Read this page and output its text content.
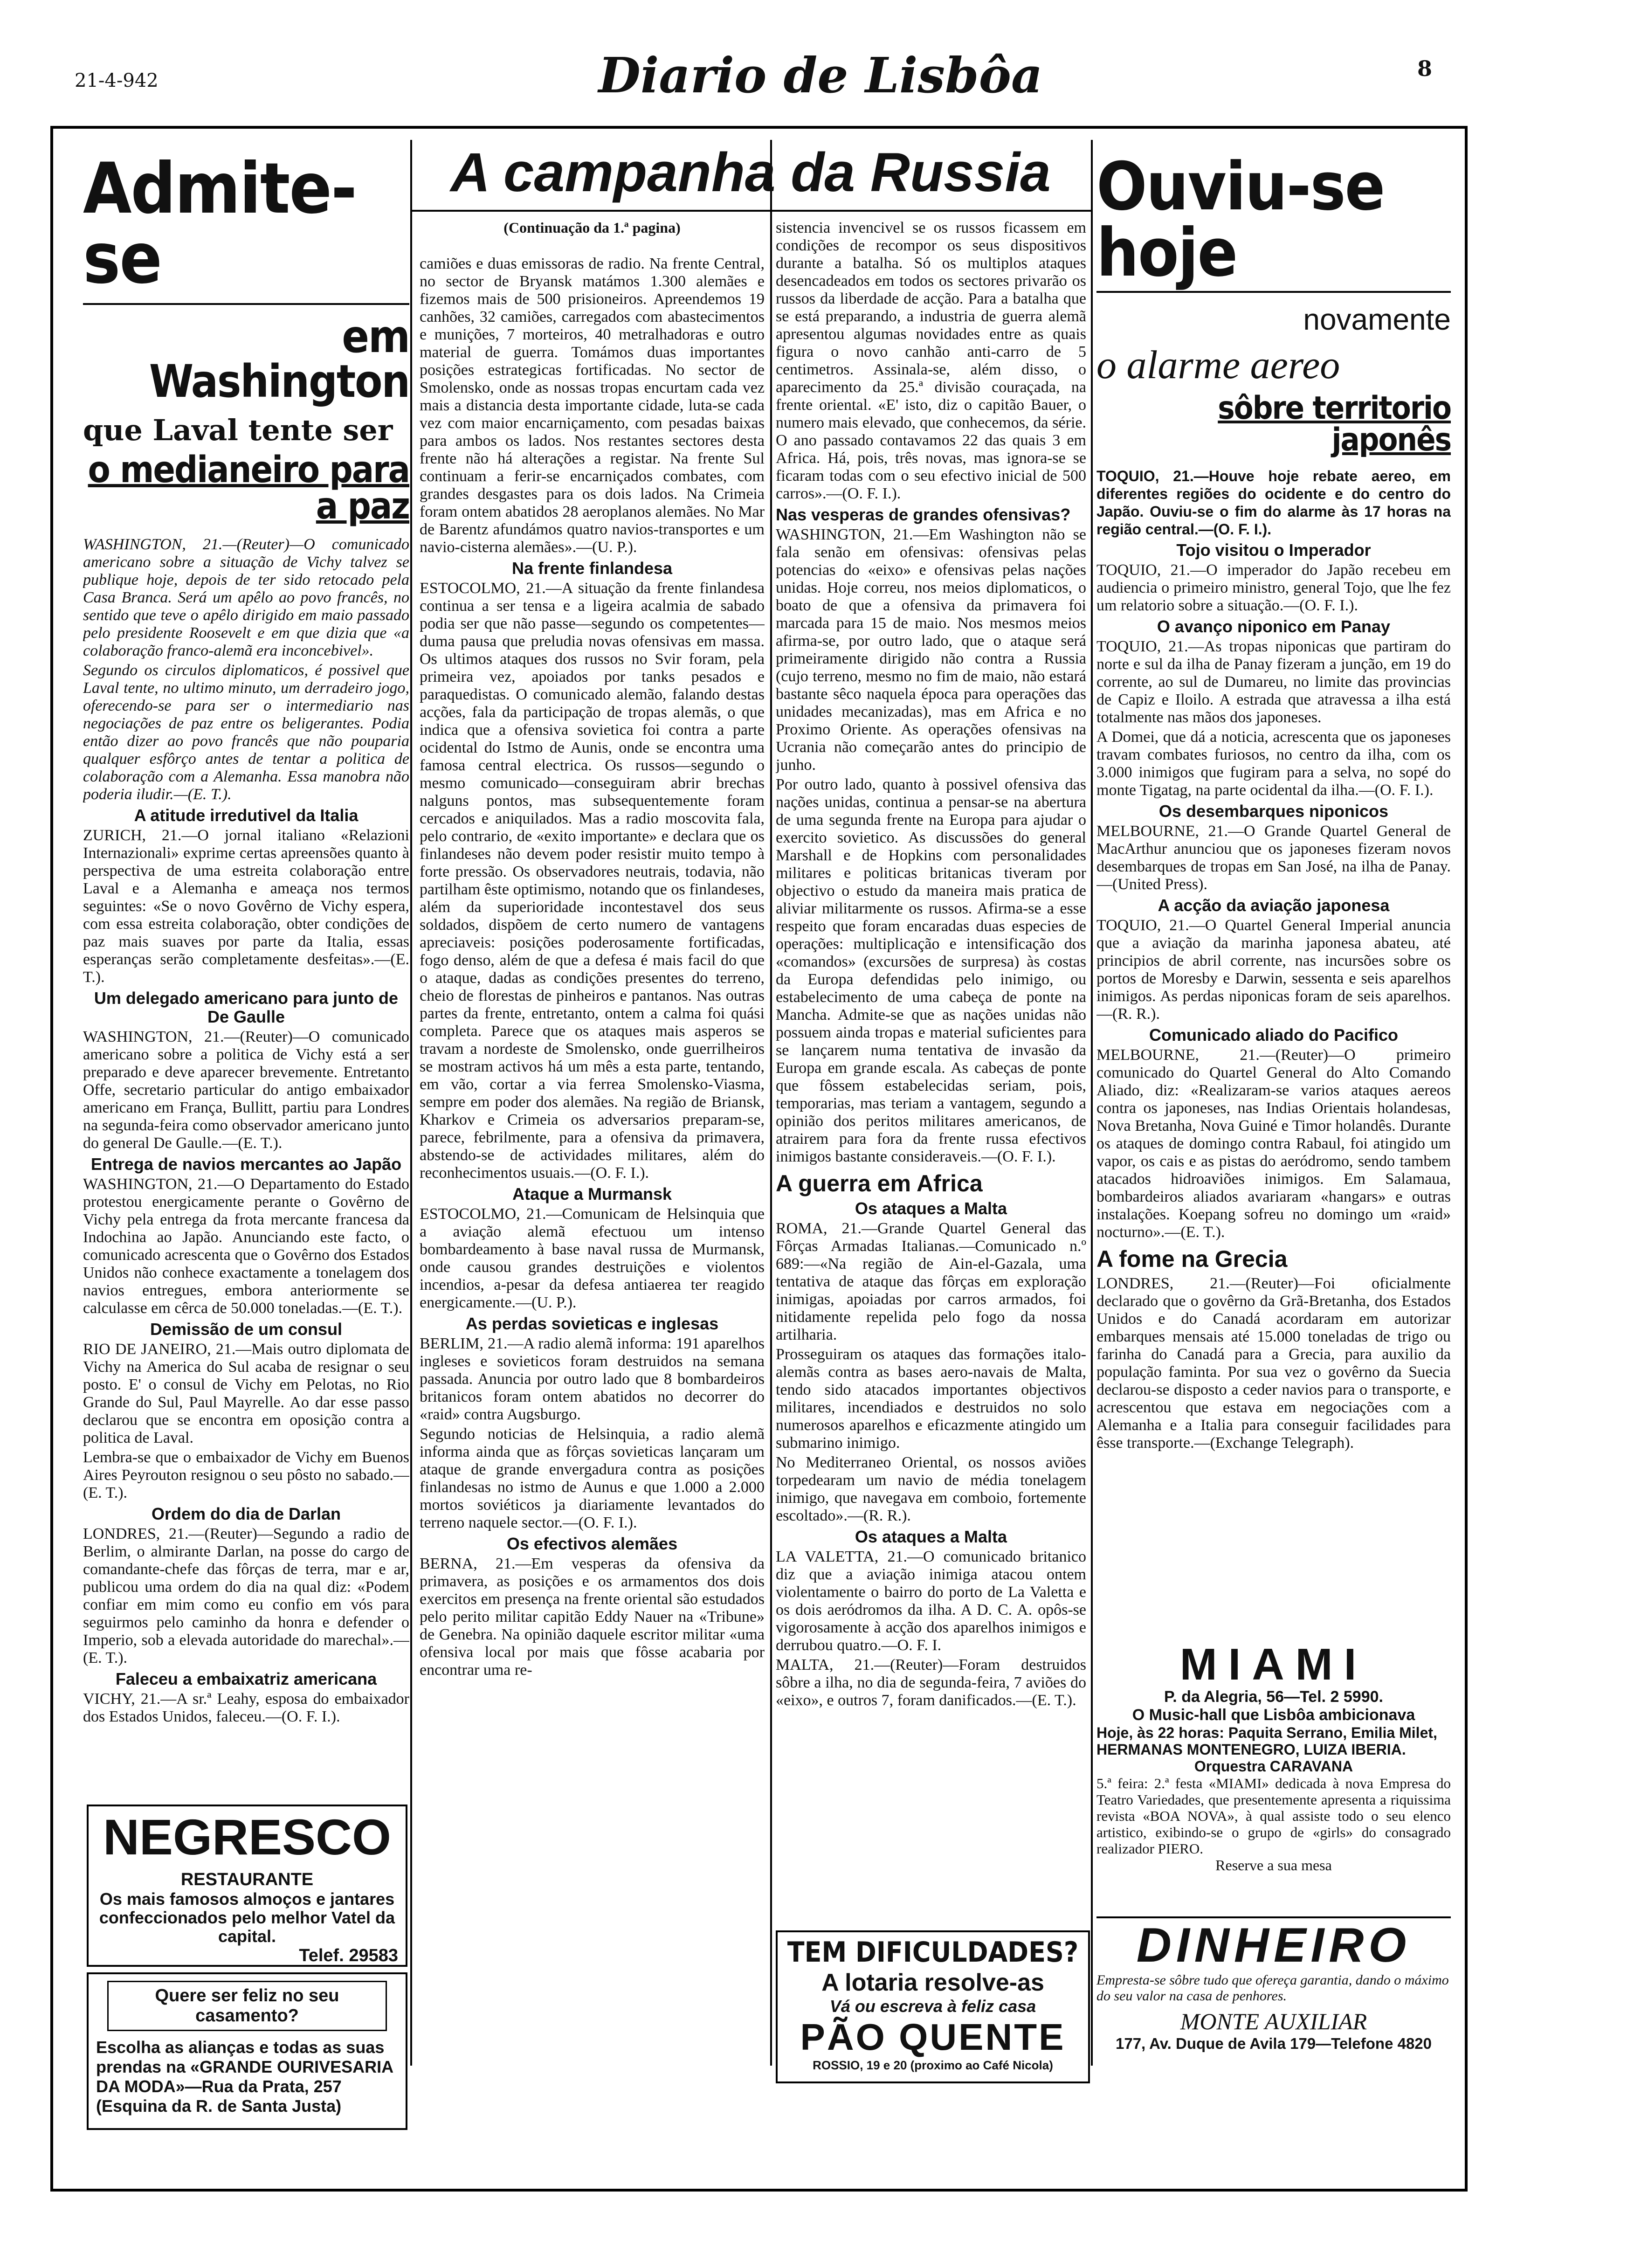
21-4-942	Diario de Lisbôa	8
Admite-se
em Washington
que Laval tente ser
o medianeiro para a paz

WASHINGTON, 21.—(Reuter)—O comunicado americano sobre a situação de Vichy talvez se publique hoje, depois de ter sido retocado pela Casa Branca. Será um apêlo ao povo francês, no sentido que teve o apêlo dirigido em maio passado pelo presidente Roosevelt e em que dizia que «a colaboração franco-alemã era inconcebivel».

Segundo os circulos diplomaticos, é possivel que Laval tente, no ultimo minuto, um derradeiro jogo, oferecendo-se para ser o intermediario nas negociações de paz entre os beligerantes. Podia então dizer ao povo francês que não pouparia qualquer esfôrço antes de tentar a politica de colaboração com a Alemanha. Essa manobra não poderia iludir.—(E. T.).

A atitude irredutivel da Italia

ZURICH, 21.—O jornal italiano «Relazioni Internazionali» exprime certas apreensões quanto à perspectiva de uma estreita colaboração entre Laval e a Alemanha e ameaça nos termos seguintes: «Se o novo Govêrno de Vichy espera, com essa estreita colaboração, obter condições de paz mais suaves por parte da Italia, essas esperanças serão completamente desfeitas».—(E. T.).

Um delegado americano para junto de De Gaulle

WASHINGTON, 21.—(Reuter)—O comunicado americano sobre a politica de Vichy está a ser preparado e deve aparecer brevemente. Entretanto Offe, secretario particular do antigo embaixador americano em França, Bullitt, partiu para Londres na segunda-feira como observador americano junto do general De Gaulle.—(E. T.).

Entrega de navios mercantes ao Japão

WASHINGTON, 21.—O Departamento do Estado protestou energicamente perante o Govêrno de Vichy pela entrega da frota mercante francesa da Indochina ao Japão. Anunciando este facto, o comunicado acrescenta que o Govêrno dos Estados Unidos não conhece exactamente a tonelagem dos navios entregues, embora anteriormente se calculasse em cêrca de 50.000 toneladas.—(E. T.).

Demissão de um consul

RIO DE JANEIRO, 21.—Mais outro diplomata de Vichy na America do Sul acaba de resignar o seu posto. E' o consul de Vichy em Pelotas, no Rio Grande do Sul, Paul Mayrelle. Ao dar esse passo declarou que se encontra em oposição contra a politica de Laval.

Lembra-se que o embaixador de Vichy em Buenos Aires Peyrouton resignou o seu pôsto no sabado.—(E. T.).

Ordem do dia de Darlan

LONDRES, 21.—(Reuter)—Segundo a radio de Berlim, o almirante Darlan, na posse do cargo de comandante-chefe das fôrças de terra, mar e ar, publicou uma ordem do dia na qual diz: «Podem confiar em mim como eu confio em vós para seguirmos pelo caminho da honra e defender o Imperio, sob a elevada autoridade do marechal».—(E. T.).

Faleceu a embaixatriz americana

VICHY, 21.—A sr.ª Leahy, esposa do embaixador dos Estados Unidos, faleceu.—(O. F. I.).

NEGRESCO
RESTAURANTE
Os mais famosos almoços e jantares confeccionados pelo melhor Vatel da capital.
Telef. 29583
Quere ser feliz no seu casamento?
Escolha as alianças e todas as suas prendas na «GRANDE OURIVESARIA DA MODA»—Rua da Prata, 257 (Esquina da R. de Santa Justa)
A campanha da Russia
(Continuação da 1.ª pagina)

camiões e duas emissoras de radio. Na frente Central, no sector de Bryansk matámos 1.300 alemães e fizemos mais de 500 prisioneiros. Apreendemos 19 canhões, 32 camiões, carregados com abastecimentos e munições, 7 morteiros, 40 metralhadoras e outro material de guerra. Tomámos duas importantes posições estrategicas fortificadas. No sector de Smolensko, onde as nossas tropas encurtam cada vez mais a distancia desta importante cidade, luta-se cada vez com maior encarniçamento, com pesadas baixas para ambos os lados. Nos restantes sectores desta frente não há alterações a registar. Na frente Sul continuam a ferir-se encarniçados combates, com grandes desgastes para os dois lados. Na Crimeia foram ontem abatidos 28 aeroplanos alemães. No Mar de Barentz afundámos quatro navios-transportes e um navio-cisterna alemães».—(U. P.).

Na frente finlandesa

ESTOCOLMO, 21.—A situação da frente finlandesa continua a ser tensa e a ligeira acalmia de sabado podia ser que não passe—segundo os competentes—duma pausa que preludia novas ofensivas em massa. Os ultimos ataques dos russos no Svir foram, pela primeira vez, apoiados por tanks pesados e paraquedistas. O comunicado alemão, falando destas acções, fala da participação de tropas alemãs, o que indica que a ofensiva sovietica foi contra a parte ocidental do Istmo de Aunis, onde se encontra uma famosa central electrica. Os russos—segundo o mesmo comunicado—conseguiram abrir brechas nalguns pontos, mas subsequentemente foram cercados e aniquilados. Mas a radio moscovita fala, pelo contrario, de «exito importante» e declara que os finlandeses não devem poder resistir muito tempo à forte pressão. Os observadores neutrais, todavia, não partilham êste optimismo, notando que os finlandeses, além da superioridade incontestavel dos seus soldados, dispõem de certo numero de vantagens apreciaveis: posições poderosamente fortificadas, fogo denso, além de que a defesa é mais facil do que o ataque, dadas as condições presentes do terreno, cheio de florestas de pinheiros e pantanos. Nas outras partes da frente, entretanto, ontem a calma foi quási completa. Parece que os ataques mais asperos se travam a nordeste de Smolensko, onde guerrilheiros se mostram activos há um mês a esta parte, tentando, em vão, cortar a via ferrea Smolensko-Viasma, sempre em poder dos alemães. Na região de Briansk, Kharkov e Crimeia os adversarios preparam-se, parece, febrilmente, para a ofensiva da primavera, abstendo-se de actividades militares, além do reconhecimentos usuais.—(O. F. I.).

Ataque a Murmansk

ESTOCOLMO, 21.—Comunicam de Helsinquia que a aviação alemã efectuou um intenso bombardeamento à base naval russa de Murmansk, onde causou grandes destruições e violentos incendios, a-pesar da defesa antiaerea ter reagido energicamente.—(U. P.).

As perdas sovieticas e inglesas

BERLIM, 21.—A radio alemã informa: 191 aparelhos ingleses e sovieticos foram destruidos na semana passada. Anuncia por outro lado que 8 bombardeiros britanicos foram ontem abatidos no decorrer do «raid» contra Augsburgo.

Segundo noticias de Helsinquia, a radio alemã informa ainda que as fôrças sovieticas lançaram um ataque de grande envergadura contra as posições finlandesas no istmo de Aunus e que 1.000 a 2.000 mortos soviéticos ja diariamente levantados do terreno naquele sector.—(O. F. I.).

Os efectivos alemães

BERNA, 21.—Em vesperas da ofensiva da primavera, as posições e os armamentos dos dois exercitos em presença na frente oriental são estudados pelo perito militar capitão Eddy Nauer na «Tribune» de Genebra. Na opinião daquele escritor militar «uma ofensiva local por mais que fôsse acabaria por encontrar uma re-

sistencia invencivel se os russos ficassem em condições de recompor os seus dispositivos durante a batalha. Só os multiplos ataques desencadeados em todos os sectores privarão os russos da liberdade de acção. Para a batalha que se está preparando, a industria de guerra alemã apresentou algumas novidades entre as quais figura o novo canhão anti-carro de 5 centimetros. Assinala-se, além disso, o aparecimento da 25.ª divisão couraçada, na frente oriental. «E' isto, diz o capitão Bauer, o numero mais elevado, que conhecemos, da série. O ano passado contavamos 22 das quais 3 em Africa. Há, pois, três novas, mas ignora-se se ficaram todas com o seu efectivo inicial de 500 carros».—(O. F. I.).

Nas vesperas de grandes ofensivas?

WASHINGTON, 21.—Em Washington não se fala senão em ofensivas: ofensivas pelas potencias do «eixo» e ofensivas pelas nações unidas. Hoje correu, nos meios diplomaticos, o boato de que a ofensiva da primavera foi marcada para 15 de maio. Nos mesmos meios afirma-se, por outro lado, que o ataque será primeiramente dirigido não contra a Russia (cujo terreno, mesmo no fim de maio, não estará bastante sêco naquela época para operações das unidades mecanizadas), mas em Africa e no Proximo Oriente. As operações ofensivas na Ucrania não começarão antes do principio de junho.

Por outro lado, quanto à possivel ofensiva das nações unidas, continua a pensar-se na abertura de uma segunda frente na Europa para ajudar o exercito sovietico. As discussões do general Marshall e de Hopkins com personalidades militares e politicas britanicas tiveram por objectivo o estudo da maneira mais pratica de aliviar militarmente os russos. Afirma-se a esse respeito que foram encaradas duas especies de operações: multiplicação e intensificação dos «comandos» (excursões de surpresa) às costas da Europa defendidas pelo inimigo, ou estabelecimento de uma cabeça de ponte na Mancha. Admite-se que as nações unidas não possuem ainda tropas e material suficientes para se lançarem numa tentativa de invasão da Europa em grande escala. As cabeças de ponte que fôssem estabelecidas seriam, pois, temporarias, mas teriam a vantagem, segundo a opinião dos peritos militares americanos, de atrairem para fora da frente russa efectivos inimigos bastante consideraveis.—(O. F. I.).

A guerra em Africa
Os ataques a Malta

ROMA, 21.—Grande Quartel General das Fôrças Armadas Italianas.—Comunicado n.º 689:—«Na região de Ain-el-Gazala, uma tentativa de ataque das fôrças em exploração inimigas, apoiadas por carros armados, foi nitidamente repelida pelo fogo da nossa artilharia.

Prosseguiram os ataques das formações italo-alemãs contra as bases aero-navais de Malta, tendo sido atacados importantes objectivos militares, incendiados e destruidos no solo numerosos aparelhos e eficazmente atingido um submarino inimigo.

No Mediterraneo Oriental, os nossos aviões torpedearam um navio de média tonelagem inimigo, que navegava em comboio, fortemente escoltado».—(R. R.).

Os ataques a Malta

LA VALETTA, 21.—O comunicado britanico diz que a aviação inimiga atacou ontem violentamente o bairro do porto de La Valetta e os dois aeródromos da ilha. A D. C. A. opôs-se vigorosamente à acção dos aparelhos inimigos e derrubou quatro.—O. F. I.

MALTA, 21.—(Reuter)—Foram destruidos sôbre a ilha, no dia de segunda-feira, 7 aviões do «eixo», e outros 7, foram danificados.—(E. T.).

TEM DIFICULDADES?
A lotaria resolve-as
Vá ou escreva à feliz casa
PÃO QUENTE
ROSSIO, 19 e 20 (proximo ao Café Nicola)
Ouviu-se hoje
novamente
o alarme aereo
sôbre territorio japonês

TOQUIO, 21.—Houve hoje rebate aereo, em diferentes regiões do ocidente e do centro do Japão. Ouviu-se o fim do alarme às 17 horas na região central.—(O. F. I.).

Tojo visitou o Imperador

TOQUIO, 21.—O imperador do Japão recebeu em audiencia o primeiro ministro, general Tojo, que lhe fez um relatorio sobre a situação.—(O. F. I.).

O avanço niponico em Panay

TOQUIO, 21.—As tropas niponicas que partiram do norte e sul da ilha de Panay fizeram a junção, em 19 do corrente, ao sul de Dumareu, no limite das provincias de Capiz e Iloilo. A estrada que atravessa a ilha está totalmente nas mãos dos japoneses.

A Domei, que dá a noticia, acrescenta que os japoneses travam combates furiosos, no centro da ilha, com os 3.000 inimigos que fugiram para a selva, no sopé do monte Tigatag, na parte ocidental da ilha.—(O. F. I.).

Os desembarques niponicos

MELBOURNE, 21.—O Grande Quartel General de MacArthur anunciou que os japoneses fizeram novos desembarques de tropas em San José, na ilha de Panay.—(United Press).

A acção da aviação japonesa

TOQUIO, 21.—O Quartel General Imperial anuncia que a aviação da marinha japonesa abateu, até principios de abril corrente, nas incursões sobre os portos de Moresby e Darwin, sessenta e seis aparelhos inimigos. As perdas niponicas foram de seis aparelhos.—(R. R.).

Comunicado aliado do Pacifico

MELBOURNE, 21.—(Reuter)—O primeiro comunicado do Quartel General do Alto Comando Aliado, diz: «Realizaram-se varios ataques aereos contra os japoneses, nas Indias Orientais holandesas, Nova Bretanha, Nova Guiné e Timor holandês. Durante os ataques de domingo contra Rabaul, foi atingido um vapor, os cais e as pistas do aeródromo, sendo tambem atacados hidroaviões inimigos. Em Salamaua, bombardeiros aliados avariaram «hangars» e outras instalações. Koepang sofreu no domingo um «raid» nocturno».—(E. T.).

A fome na Grecia

LONDRES, 21.—(Reuter)—Foi oficialmente declarado que o govêrno da Grã-Bretanha, dos Estados Unidos e do Canadá acordaram em autorizar embarques mensais até 15.000 toneladas de trigo ou farinha do Canadá para a Grecia, para auxilio da população faminta. Por sua vez o govêrno da Suecia declarou-se disposto a ceder navios para o transporte, e acrescentou que estava em negociações com a Alemanha e a Italia para conseguir facilidades para êsse transporte.—(Exchange Telegraph).

MIAMI
P. da Alegria, 56—Tel. 2 5990.
O Music-hall que Lisbôa ambicionava
Hoje, às 22 horas: Paquita Serrano, Emilia Milet, HERMANAS MONTENEGRO, LUIZA IBERIA.
Orquestra CARAVANA
5.ª feira: 2.ª festa «MIAMI» dedicada à nova Empresa do Teatro Variedades, que presentemente apresenta a riquissima revista «BOA NOVA», à qual assiste todo o seu elenco artistico, exibindo-se o grupo de «girls» do consagrado realizador PIERO.
Reserve a sua mesa
DINHEIRO
Empresta-se sôbre tudo que ofereça garantia, dando o máximo do seu valor na casa de penhores.
MONTE AUXILIAR
177, Av. Duque de Avila 179—Telefone 4820
